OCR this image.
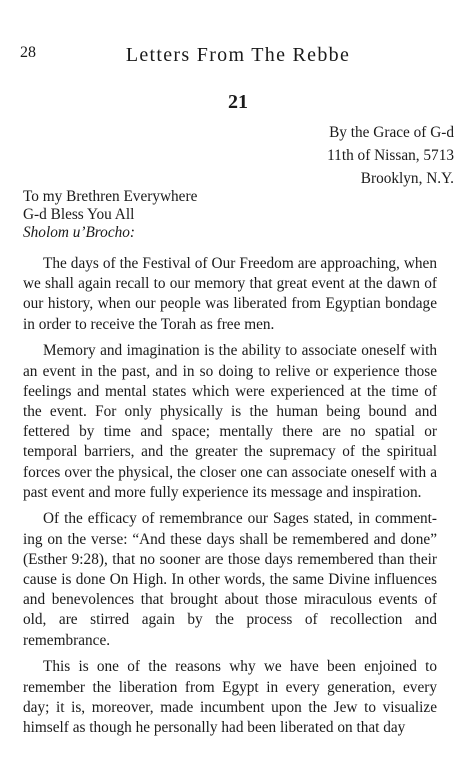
28	Letters From The Rebbe
21
By the Grace of G-d
11th of Nissan, 5713
Brooklyn, N.Y.
To my Brethren Everywhere
G-d Bless You All
Sholom u’Brocho:

The days of the Festival of Our Freedom are approaching, when we shall again recall to our memory that great event at the dawn of our history, when our people was liberated from Egyptian bondage in order to receive the Torah as free men.

Memory and imagination is the ability to associate oneself with an event in the past, and in so doing to relive or experience those feelings and mental states which were experienced at the time of the event. For only physically is the human being bound and fettered by time and space; mentally there are no spatial or temporal barriers, and the greater the supremacy of the spiritual forces over the physical, the closer one can associate oneself with a past event and more fully experience its message and inspiration.

Of the efficacy of remembrance our Sages stated, in commenting on the verse: “And these days shall be remembered and done” (Esther 9:28), that no sooner are those days remembered than their cause is done On High. In other words, the same Divine influences and benevolences that brought about those miraculous events of old, are stirred again by the process of recollection and remembrance.

This is one of the reasons why we have been enjoined to remember the liberation from Egypt in every generation, every day; it is, moreover, made incumbent upon the Jew to visualize himself as though he personally had been liberated on that day
